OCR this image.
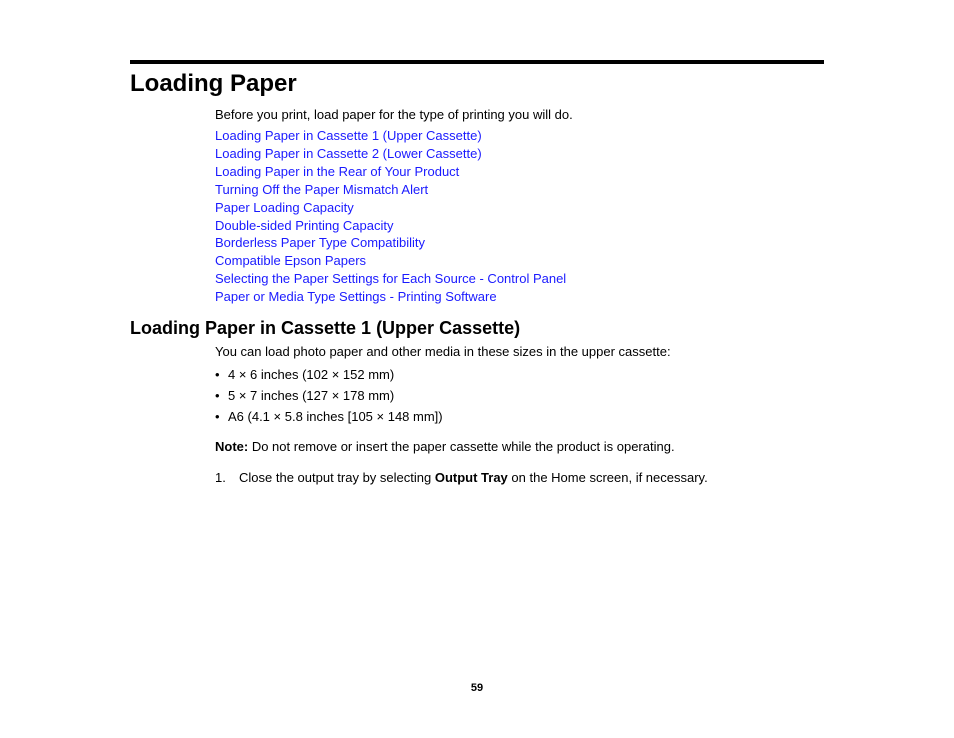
Loading Paper
Before you print, load paper for the type of printing you will do.
Loading Paper in Cassette 1 (Upper Cassette)
Loading Paper in Cassette 2 (Lower Cassette)
Loading Paper in the Rear of Your Product
Turning Off the Paper Mismatch Alert
Paper Loading Capacity
Double-sided Printing Capacity
Borderless Paper Type Compatibility
Compatible Epson Papers
Selecting the Paper Settings for Each Source - Control Panel
Paper or Media Type Settings - Printing Software
Loading Paper in Cassette 1 (Upper Cassette)
You can load photo paper and other media in these sizes in the upper cassette:
• 4 × 6 inches (102 × 152 mm)
• 5 × 7 inches (127 × 178 mm)
• A6 (4.1 × 5.8 inches [105 × 148 mm])
Note: Do not remove or insert the paper cassette while the product is operating.
1. Close the output tray by selecting Output Tray on the Home screen, if necessary.
59
